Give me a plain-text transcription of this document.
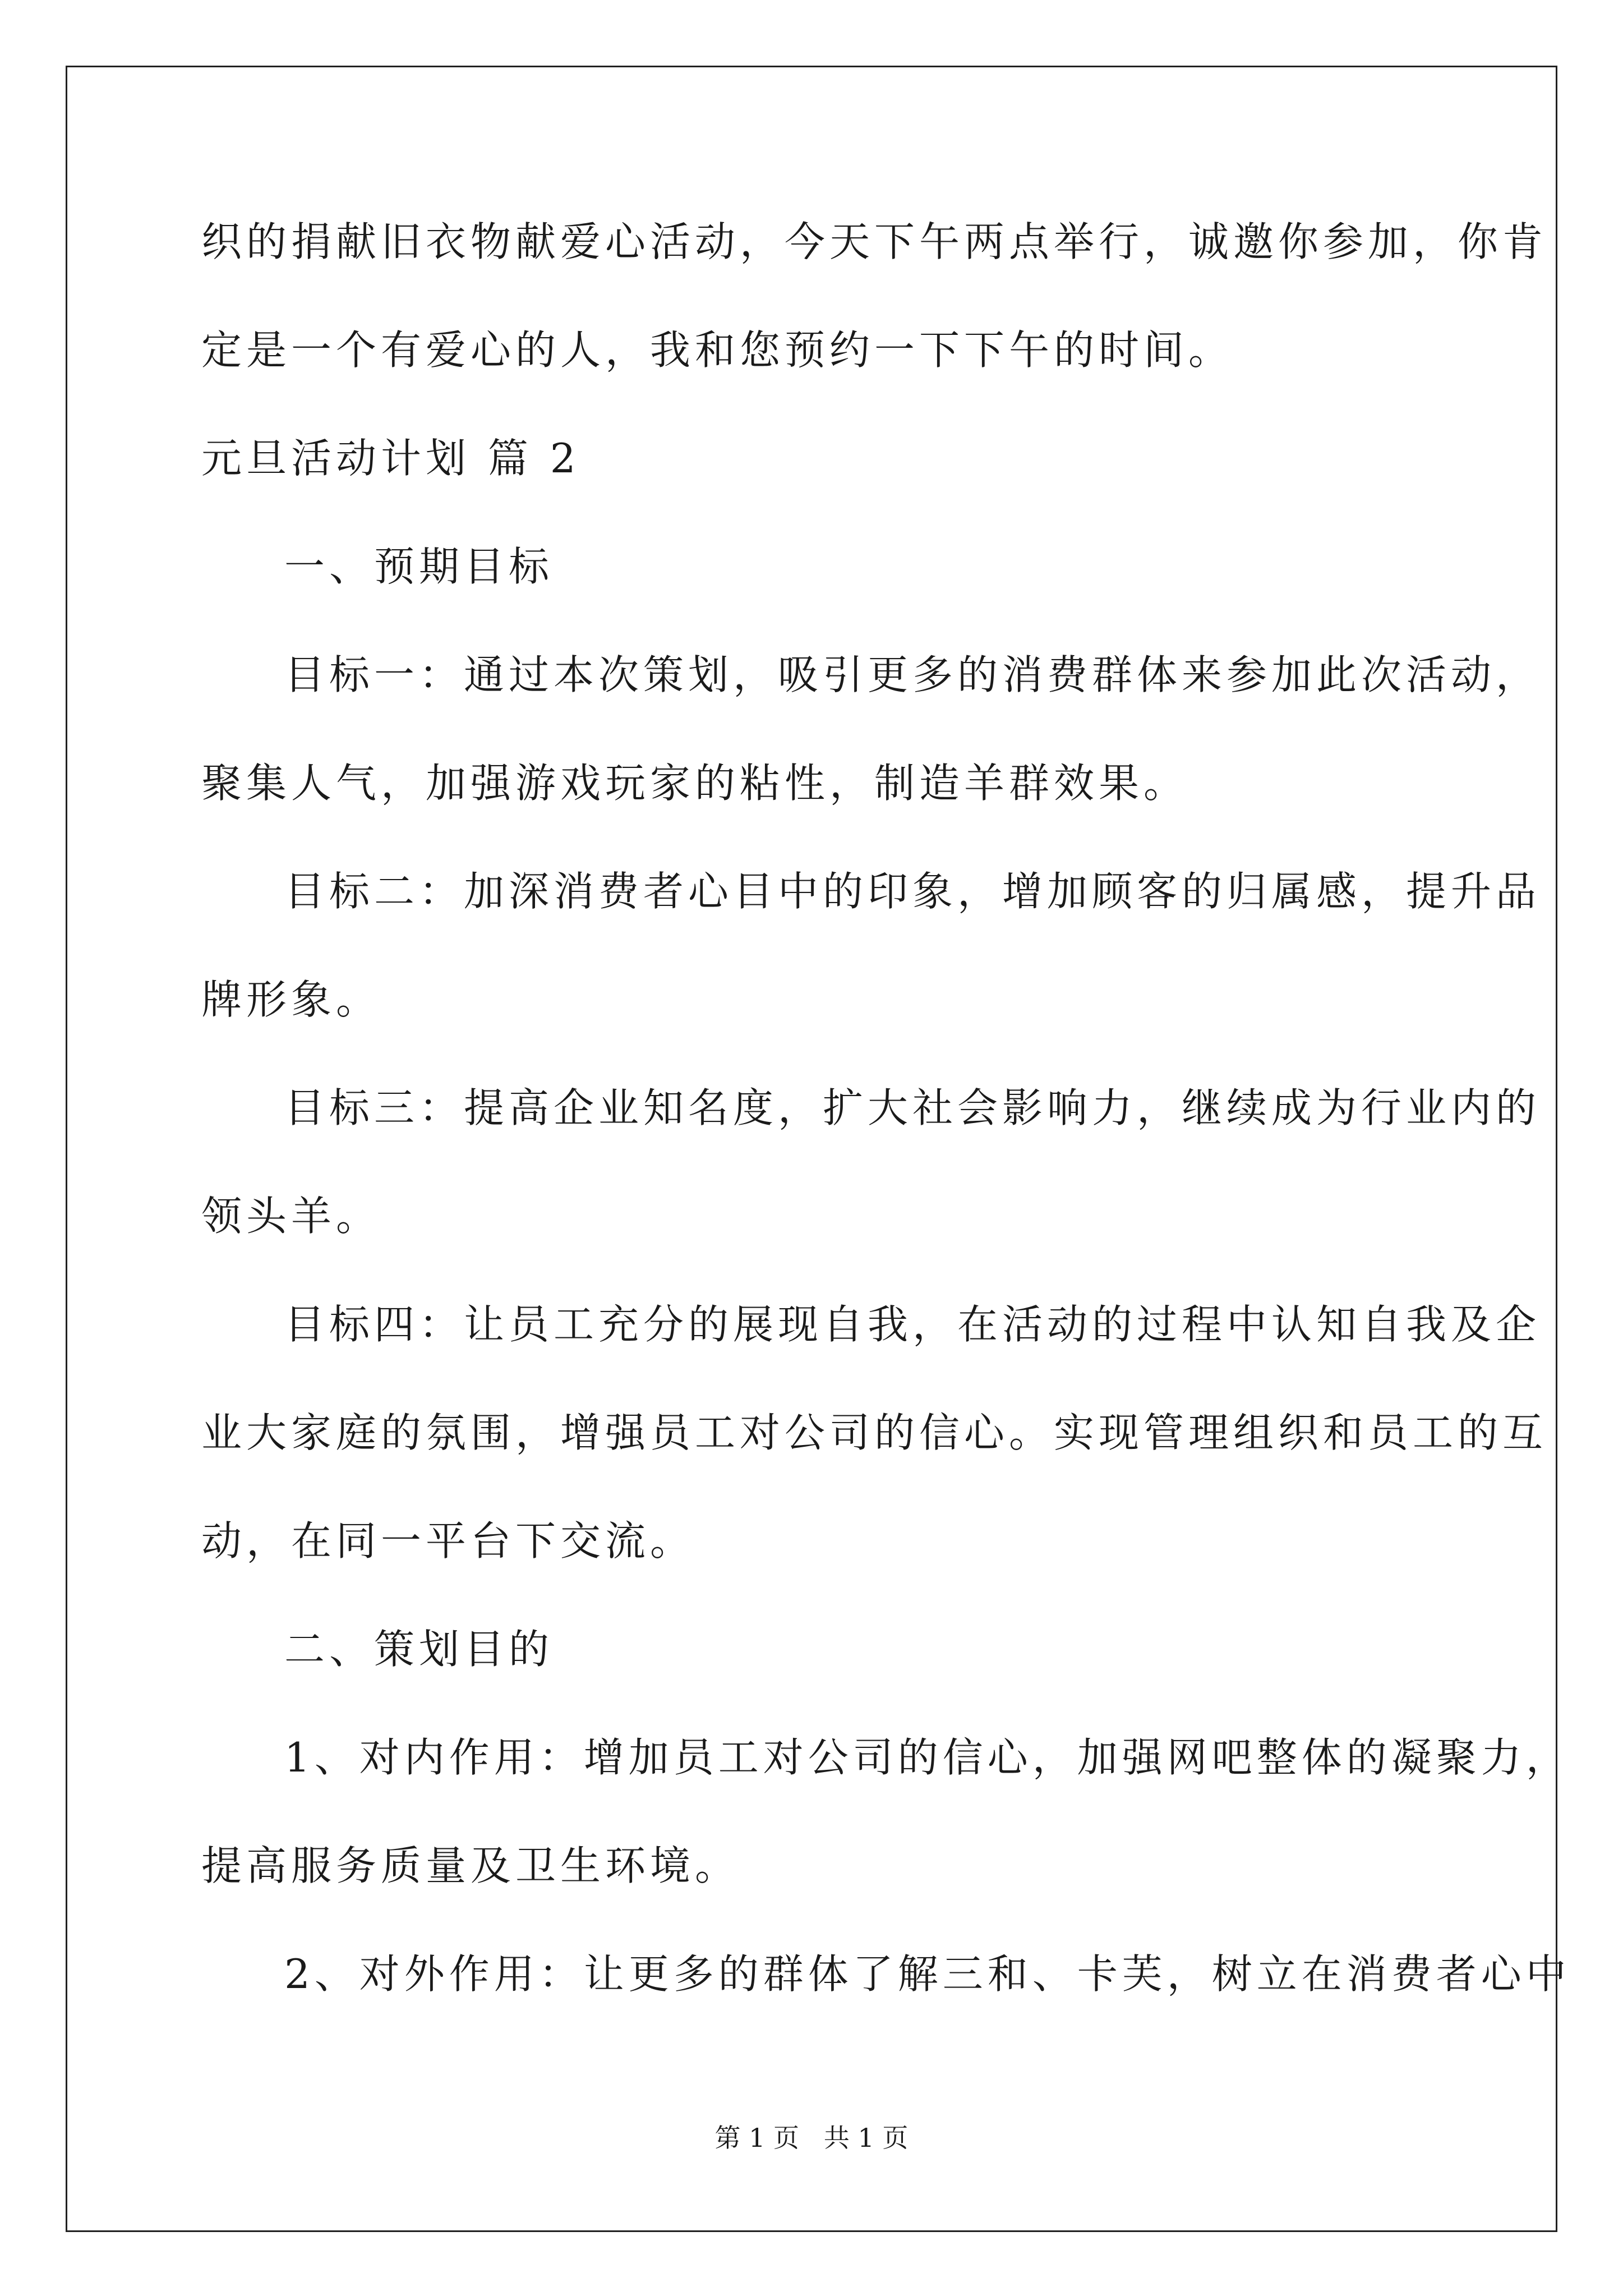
织的捐献旧衣物献爱心活动，今天下午两点举行，诚邀你参加，你肯
定是一个有爱心的人，我和您预约一下下午的时间。
元旦活动计划 篇 2
一、预期目标
目标一：通过本次策划，吸引更多的消费群体来参加此次活动，
聚集人气，加强游戏玩家的粘性，制造羊群效果。
目标二：加深消费者心目中的印象，增加顾客的归属感，提升品
牌形象。
目标三：提高企业知名度，扩大社会影响力，继续成为行业内的
领头羊。
目标四：让员工充分的展现自我，在活动的过程中认知自我及企
业大家庭的氛围，增强员工对公司的信心。实现管理组织和员工的互
动，在同一平台下交流。
二、策划目的
1、对内作用：增加员工对公司的信心，加强网吧整体的凝聚力，
提高服务质量及卫生环境。
2、对外作用：让更多的群体了解三和、卡芙，树立在消费者心中
第 1 页   共 1 页
